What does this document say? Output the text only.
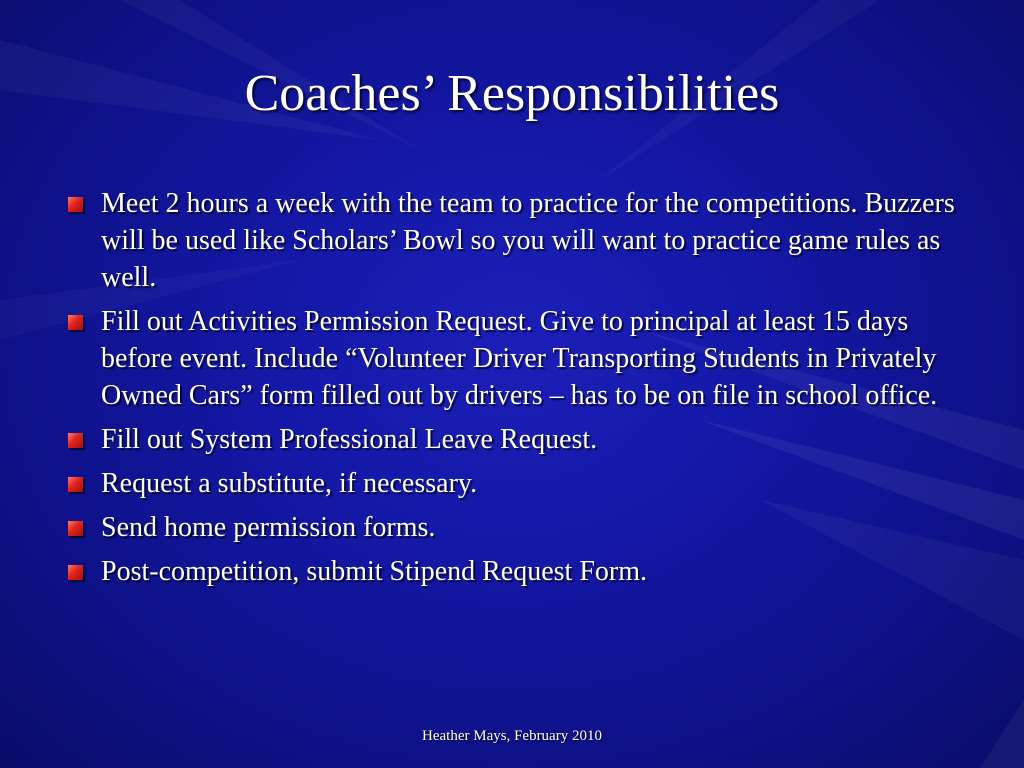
Coaches’ Responsibilities
Meet 2 hours a week with the team to practice for the competitions. Buzzers will be used like Scholars’ Bowl so you will want to practice game rules as well.
Fill out Activities Permission Request. Give to principal at least 15 days before event. Include “Volunteer Driver Transporting Students in Privately Owned Cars” form filled out by drivers – has to be on file in school office.
Fill out System Professional Leave Request.
Request a substitute, if necessary.
Send home permission forms.
Post-competition, submit Stipend Request Form.
Heather Mays, February 2010
